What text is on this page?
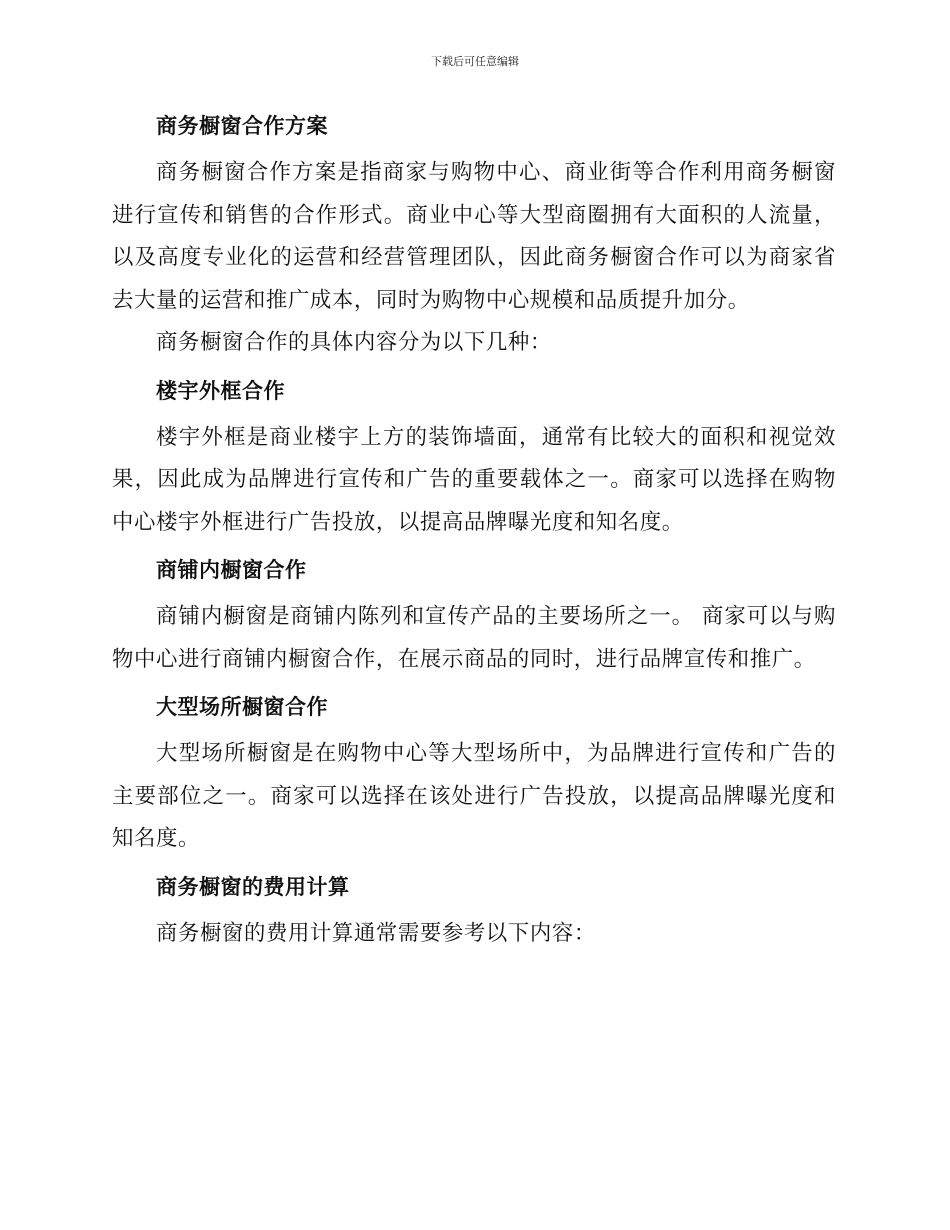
下载后可任意编辑
商务橱窗合作方案

商务橱窗合作方案是指商家与购物中心、商业街等合作利用商务橱窗进行宣传和销售的合作形式。商业中心等大型商圈拥有大面积的人流量，以及高度专业化的运营和经营管理团队，因此商务橱窗合作可以为商家省去大量的运营和推广成本，同时为购物中心规模和品质提升加分。

商务橱窗合作的具体内容分为以下几种：

楼宇外框合作

楼宇外框是商业楼宇上方的装饰墙面，通常有比较大的面积和视觉效果，因此成为品牌进行宣传和广告的重要载体之一。商家可以选择在购物中心楼宇外框进行广告投放，以提高品牌曝光度和知名度。

商铺内橱窗合作

商铺内橱窗是商铺内陈列和宣传产品的主要场所之一。 商家可以与购物中心进行商铺内橱窗合作，在展示商品的同时，进行品牌宣传和推广。

大型场所橱窗合作

大型场所橱窗是在购物中心等大型场所中，为品牌进行宣传和广告的主要部位之一。商家可以选择在该处进行广告投放，以提高品牌曝光度和知名度。

商务橱窗的费用计算

商务橱窗的费用计算通常需要参考以下内容：
